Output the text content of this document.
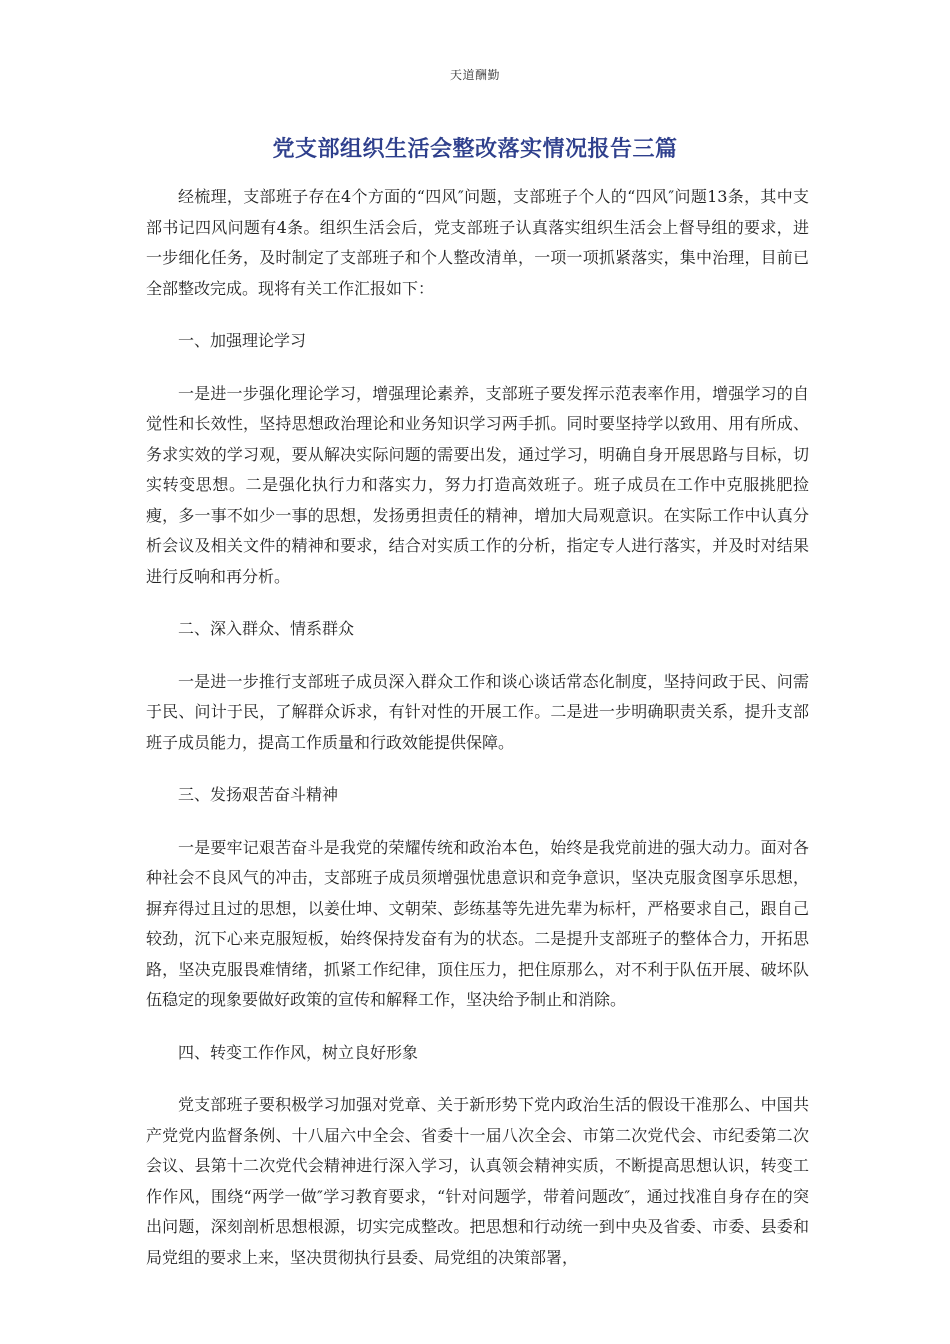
天道酬勤
党支部组织生活会整改落实情况报告三篇

经梳理，支部班子存在4个方面的“四风″问题，支部班子个人的“四风″问题13条，其中支部书记四风问题有4条。组织生活会后，党支部班子认真落实组织生活会上督导组的要求，进一步细化任务，及时制定了支部班子和个人整改清单，一项一项抓紧落实，集中治理，目前已全部整改完成。现将有关工作汇报如下：

一、加强理论学习

一是进一步强化理论学习，增强理论素养，支部班子要发挥示范表率作用，增强学习的自觉性和长效性，坚持思想政治理论和业务知识学习两手抓。同时要坚持学以致用、用有所成、务求实效的学习观，要从解决实际问题的需要出发，通过学习，明确自身开展思路与目标，切实转变思想。二是强化执行力和落实力，努力打造高效班子。班子成员在工作中克服挑肥捡瘦，多一事不如少一事的思想，发扬勇担责任的精神，增加大局观意识。在实际工作中认真分析会议及相关文件的精神和要求，结合对实质工作的分析，指定专人进行落实，并及时对结果进行反响和再分析。

二、深入群众、情系群众

一是进一步推行支部班子成员深入群众工作和谈心谈话常态化制度，坚持问政于民、问需于民、问计于民，了解群众诉求，有针对性的开展工作。二是进一步明确职责关系，提升支部班子成员能力，提高工作质量和行政效能提供保障。

三、发扬艰苦奋斗精神

一是要牢记艰苦奋斗是我党的荣耀传统和政治本色，始终是我党前进的强大动力。面对各种社会不良风气的冲击，支部班子成员须增强忧患意识和竞争意识，坚决克服贪图享乐思想，摒弃得过且过的思想，以姜仕坤、文朝荣、彭练基等先进先辈为标杆，严格要求自己，跟自己较劲，沉下心来克服短板，始终保持发奋有为的状态。二是提升支部班子的整体合力，开拓思路，坚决克服畏难情绪，抓紧工作纪律，顶住压力，把住原那么，对不利于队伍开展、破坏队伍稳定的现象要做好政策的宣传和解释工作，坚决给予制止和消除。

四、转变工作作风，树立良好形象

党支部班子要积极学习加强对党章、关于新形势下党内政治生活的假设干准那么、中国共产党党内监督条例、十八届六中全会、省委十一届八次全会、市第二次党代会、市纪委第二次会议、县第十二次党代会精神进行深入学习，认真领会精神实质，不断提高思想认识，转变工作作风，围绕“两学一做″学习教育要求，“针对问题学，带着问题改″，通过找准自身存在的突出问题，深刻剖析思想根源，切实完成整改。把思想和行动统一到中央及省委、市委、县委和局党组的要求上来，坚决贯彻执行县委、局党组的决策部署，
